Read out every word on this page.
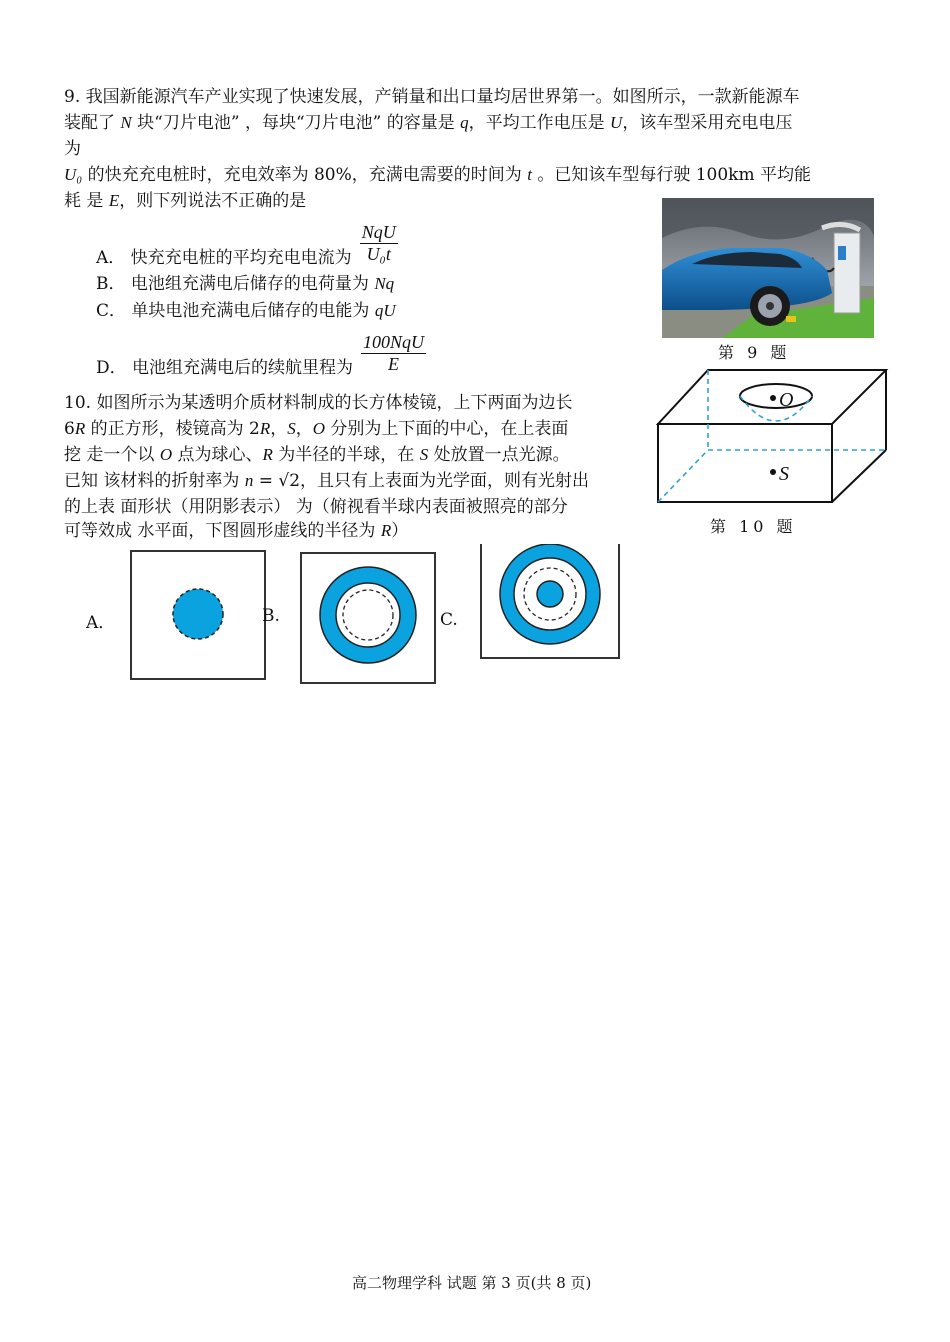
9. 我国新能源汽车产业实现了快速发展，产销量和出口量均居世界第一。如图所示，一款新能源车
装配了 N 块“刀片电池” ，每块“刀片电池” 的容量是 q，平均工作电压是 U，该车型采用充电电压
为
U₀ 的快充充电桩时，充电效率为 80%，充满电需要的时间为 t 。已知该车型每行驶 100km 平均能
耗 是 E，则下列说法不正确的是
A． 快充充电桩的平均充电电流为 $\frac{\text{NqU}}{\text{U₀t}}$
B． 电池组充满电后储存的电荷量为 Nq
C． 单块电池充满电后储存的电能为 qU
D． 电池组充满电后的续航里程为 $\frac{\text{100NqU}}{E}$	第 9 题
10. 如图所示为某透明介质材料制成的长方体棱镜，上下两面为边长
6R 的正方形，棱镜高为 2R，S，O 分别为上下面的中心，在上表面
挖 走一个以 O 点为球心、R 为半径的半球，在 S 处放置一点光源。
已知 该材料的折射率为 n = √2，且只有上表面为光学面，则有光射出
的上表 面形状（用阴影表示） 为（俯视看半球内表面被照亮的部分
可等效成 水平面，下图圆形虚线的半径为 R）
O
S
第 10 题
A．	B.	C.
高二物理学科 试题 第 3 页(共 8 页)
